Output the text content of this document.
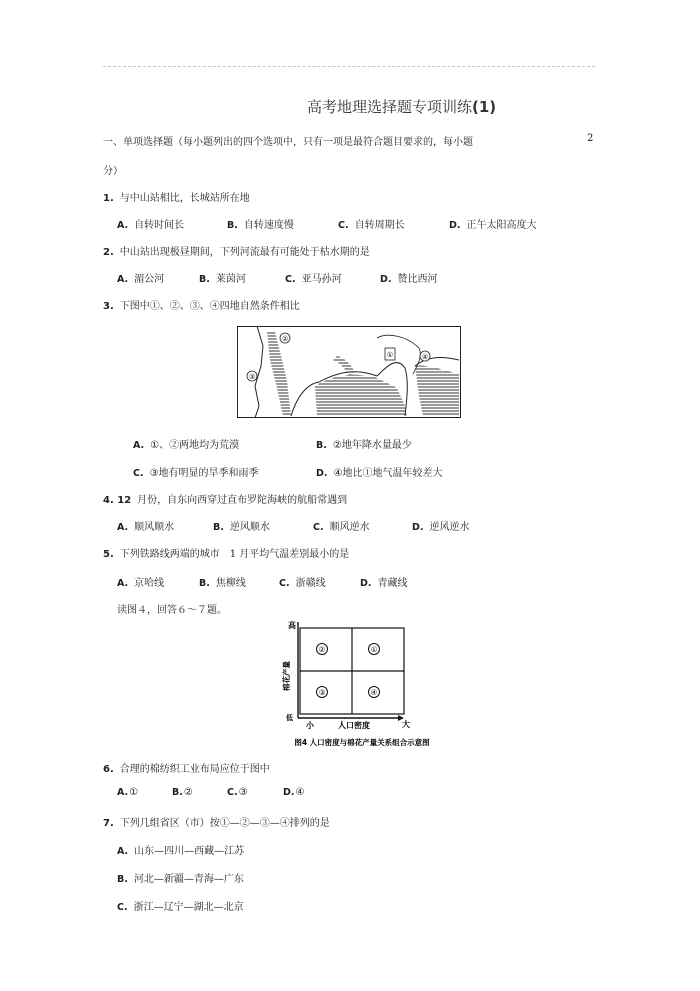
高考地理选择题专项训练(1)
一、单项选择题（每小题列出的四个选项中，只有一项是最符合题目要求的，每小题	2
分）
1. 与中山站相比，长城站所在地
A. 自转时间长	B. 自转速度慢	C. 自转周期长	D. 正午太阳高度大
2. 中山站出现极昼期间，下列河流最有可能处于枯水期的是
A. 湄公河	B. 莱茵河	C. 亚马孙河	D. 赞比西河
3. 下图中①、②、③、④四地自然条件相比
②
③
①	④
A. ①、②两地均为荒漠	B. ②地年降水量最少
C. ③地有明显的旱季和雨季	D. ④地比①地气温年较差大
4. 12 月份，自东向西穿过直布罗陀海峡的航船常遇到
A. 顺风顺水	B. 逆风顺水	C. 顺风逆水	D. 逆风逆水
5. 下列铁路线两端的城市　1 月平均气温差别最小的是
A. 京哈线	B. 焦柳线	C. 浙赣线	D. 青藏线
读图４，回答６～７题。
高
低
棉花产量
②	①
③	④
小	人口密度	大
图4 人口密度与棉花产量关系组合示意图
6. 合理的棉纺织工业布局应位于图中
A.①	B.②	C.③	D.④
7. 下列几组省区（市）按①—②—③—④排列的是
A. 山东—四川—西藏—江苏
B. 河北—新疆—青海—广东
C. 浙江—辽宁—湖北—北京
